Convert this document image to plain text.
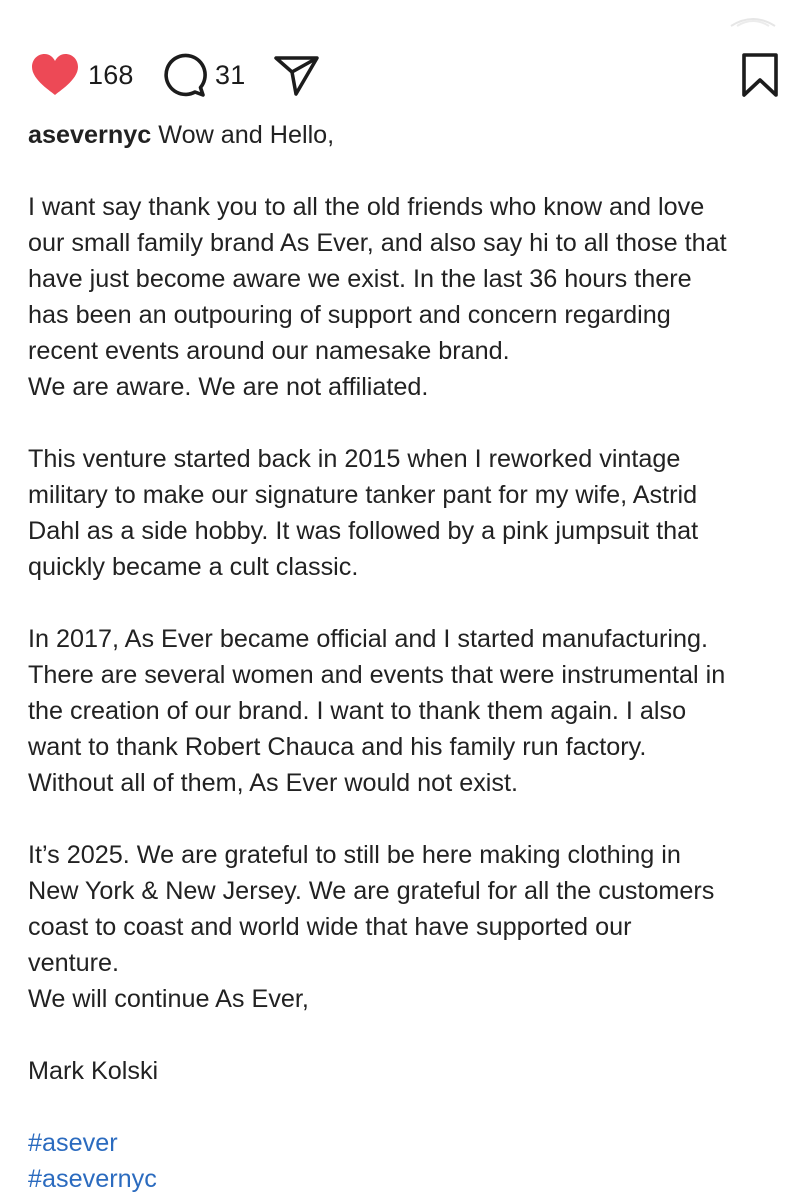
168	31
asevernyc Wow and Hello,
I want say thank you to all the old friends who know and love
our small family brand As Ever, and also say hi to all those that
have just become aware we exist. In the last 36 hours there
has been an outpouring of support and concern regarding
recent events around our namesake brand.
We are aware. We are not affiliated.
This venture started back in 2015 when I reworked vintage
military to make our signature tanker pant for my wife, Astrid
Dahl as a side hobby. It was followed by a pink jumpsuit that
quickly became a cult classic.
In 2017, As Ever became official and I started manufacturing.
There are several women and events that were instrumental in
the creation of our brand. I want to thank them again. I also
want to thank Robert Chauca and his family run factory.
Without all of them, As Ever would not exist.
It’s 2025. We are grateful to still be here making clothing in
New York & New Jersey. We are grateful for all the customers
coast to coast and world wide that have supported our
venture.
We will continue As Ever,
Mark Kolski
#asever
#asevernyc
